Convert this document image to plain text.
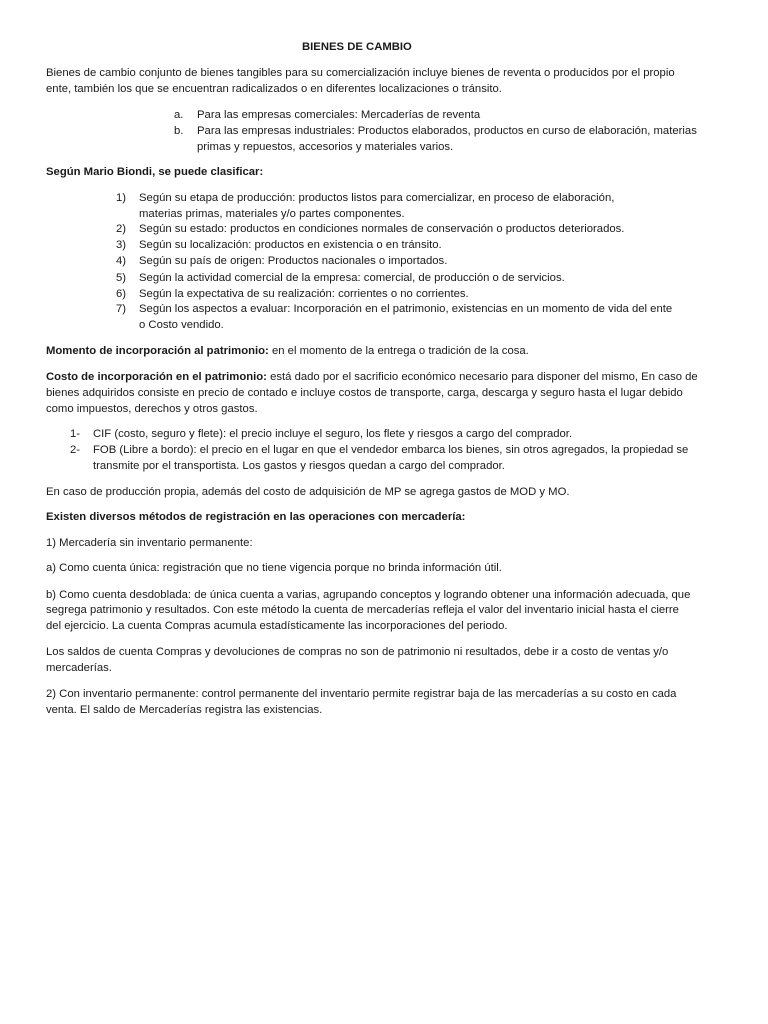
BIENES DE CAMBIO
Bienes de cambio conjunto de bienes tangibles para su comercialización incluye bienes de reventa o producidos por el propio
ente, también los que se encuentran radicalizados o en diferentes localizaciones o tránsito.
a. Para las empresas comerciales: Mercaderías de reventa
b. Para las empresas industriales: Productos elaborados, productos en curso de elaboración, materias
primas y repuestos, accesorios y materiales varios.
Según Mario Biondi, se puede clasificar:
1) Según su etapa de producción: productos listos para comercializar, en proceso de elaboración,
materias primas, materiales y/o partes componentes.
2) Según su estado: productos en condiciones normales de conservación o productos deteriorados.
3) Según su localización: productos en existencia o en tránsito.
4) Según su país de origen: Productos nacionales o importados.
5) Según la actividad comercial de la empresa: comercial, de producción o de servicios.
6) Según la expectativa de su realización: corrientes o no corrientes.
7) Según los aspectos a evaluar: Incorporación en el patrimonio, existencias en un momento de vida del ente
o Costo vendido.
Momento de incorporación al patrimonio: en el momento de la entrega o tradición de la cosa.
Costo de incorporación en el patrimonio: está dado por el sacrificio económico necesario para disponer del mismo, En caso de
bienes adquiridos consiste en precio de contado e incluye costos de transporte, carga, descarga y seguro hasta el lugar debido
como impuestos, derechos y otros gastos.
1- CIF (costo, seguro y flete): el precio incluye el seguro, los flete y riesgos a cargo del comprador.
2- FOB (Libre a bordo): el precio en el lugar en que el vendedor embarca los bienes, sin otros agregados, la propiedad se
transmite por el transportista. Los gastos y riesgos quedan a cargo del comprador.
En caso de producción propia, además del costo de adquisición de MP se agrega gastos de MOD y MO.
Existen diversos métodos de registración en las operaciones con mercadería:
1) Mercadería sin inventario permanente:
a) Como cuenta única: registración que no tiene vigencia porque no brinda información útil.
b) Como cuenta desdoblada: de única cuenta a varias, agrupando conceptos y logrando obtener una información adecuada, que
segrega patrimonio y resultados. Con este método la cuenta de mercaderías refleja el valor del inventario inicial hasta el cierre
del ejercicio. La cuenta Compras acumula estadísticamente las incorporaciones del periodo.
Los saldos de cuenta Compras y devoluciones de compras no son de patrimonio ni resultados, debe ir a costo de ventas y/o
mercaderías.
2) Con inventario permanente: control permanente del inventario permite registrar baja de las mercaderías a su costo en cada
venta. El saldo de Mercaderías registra las existencias.
